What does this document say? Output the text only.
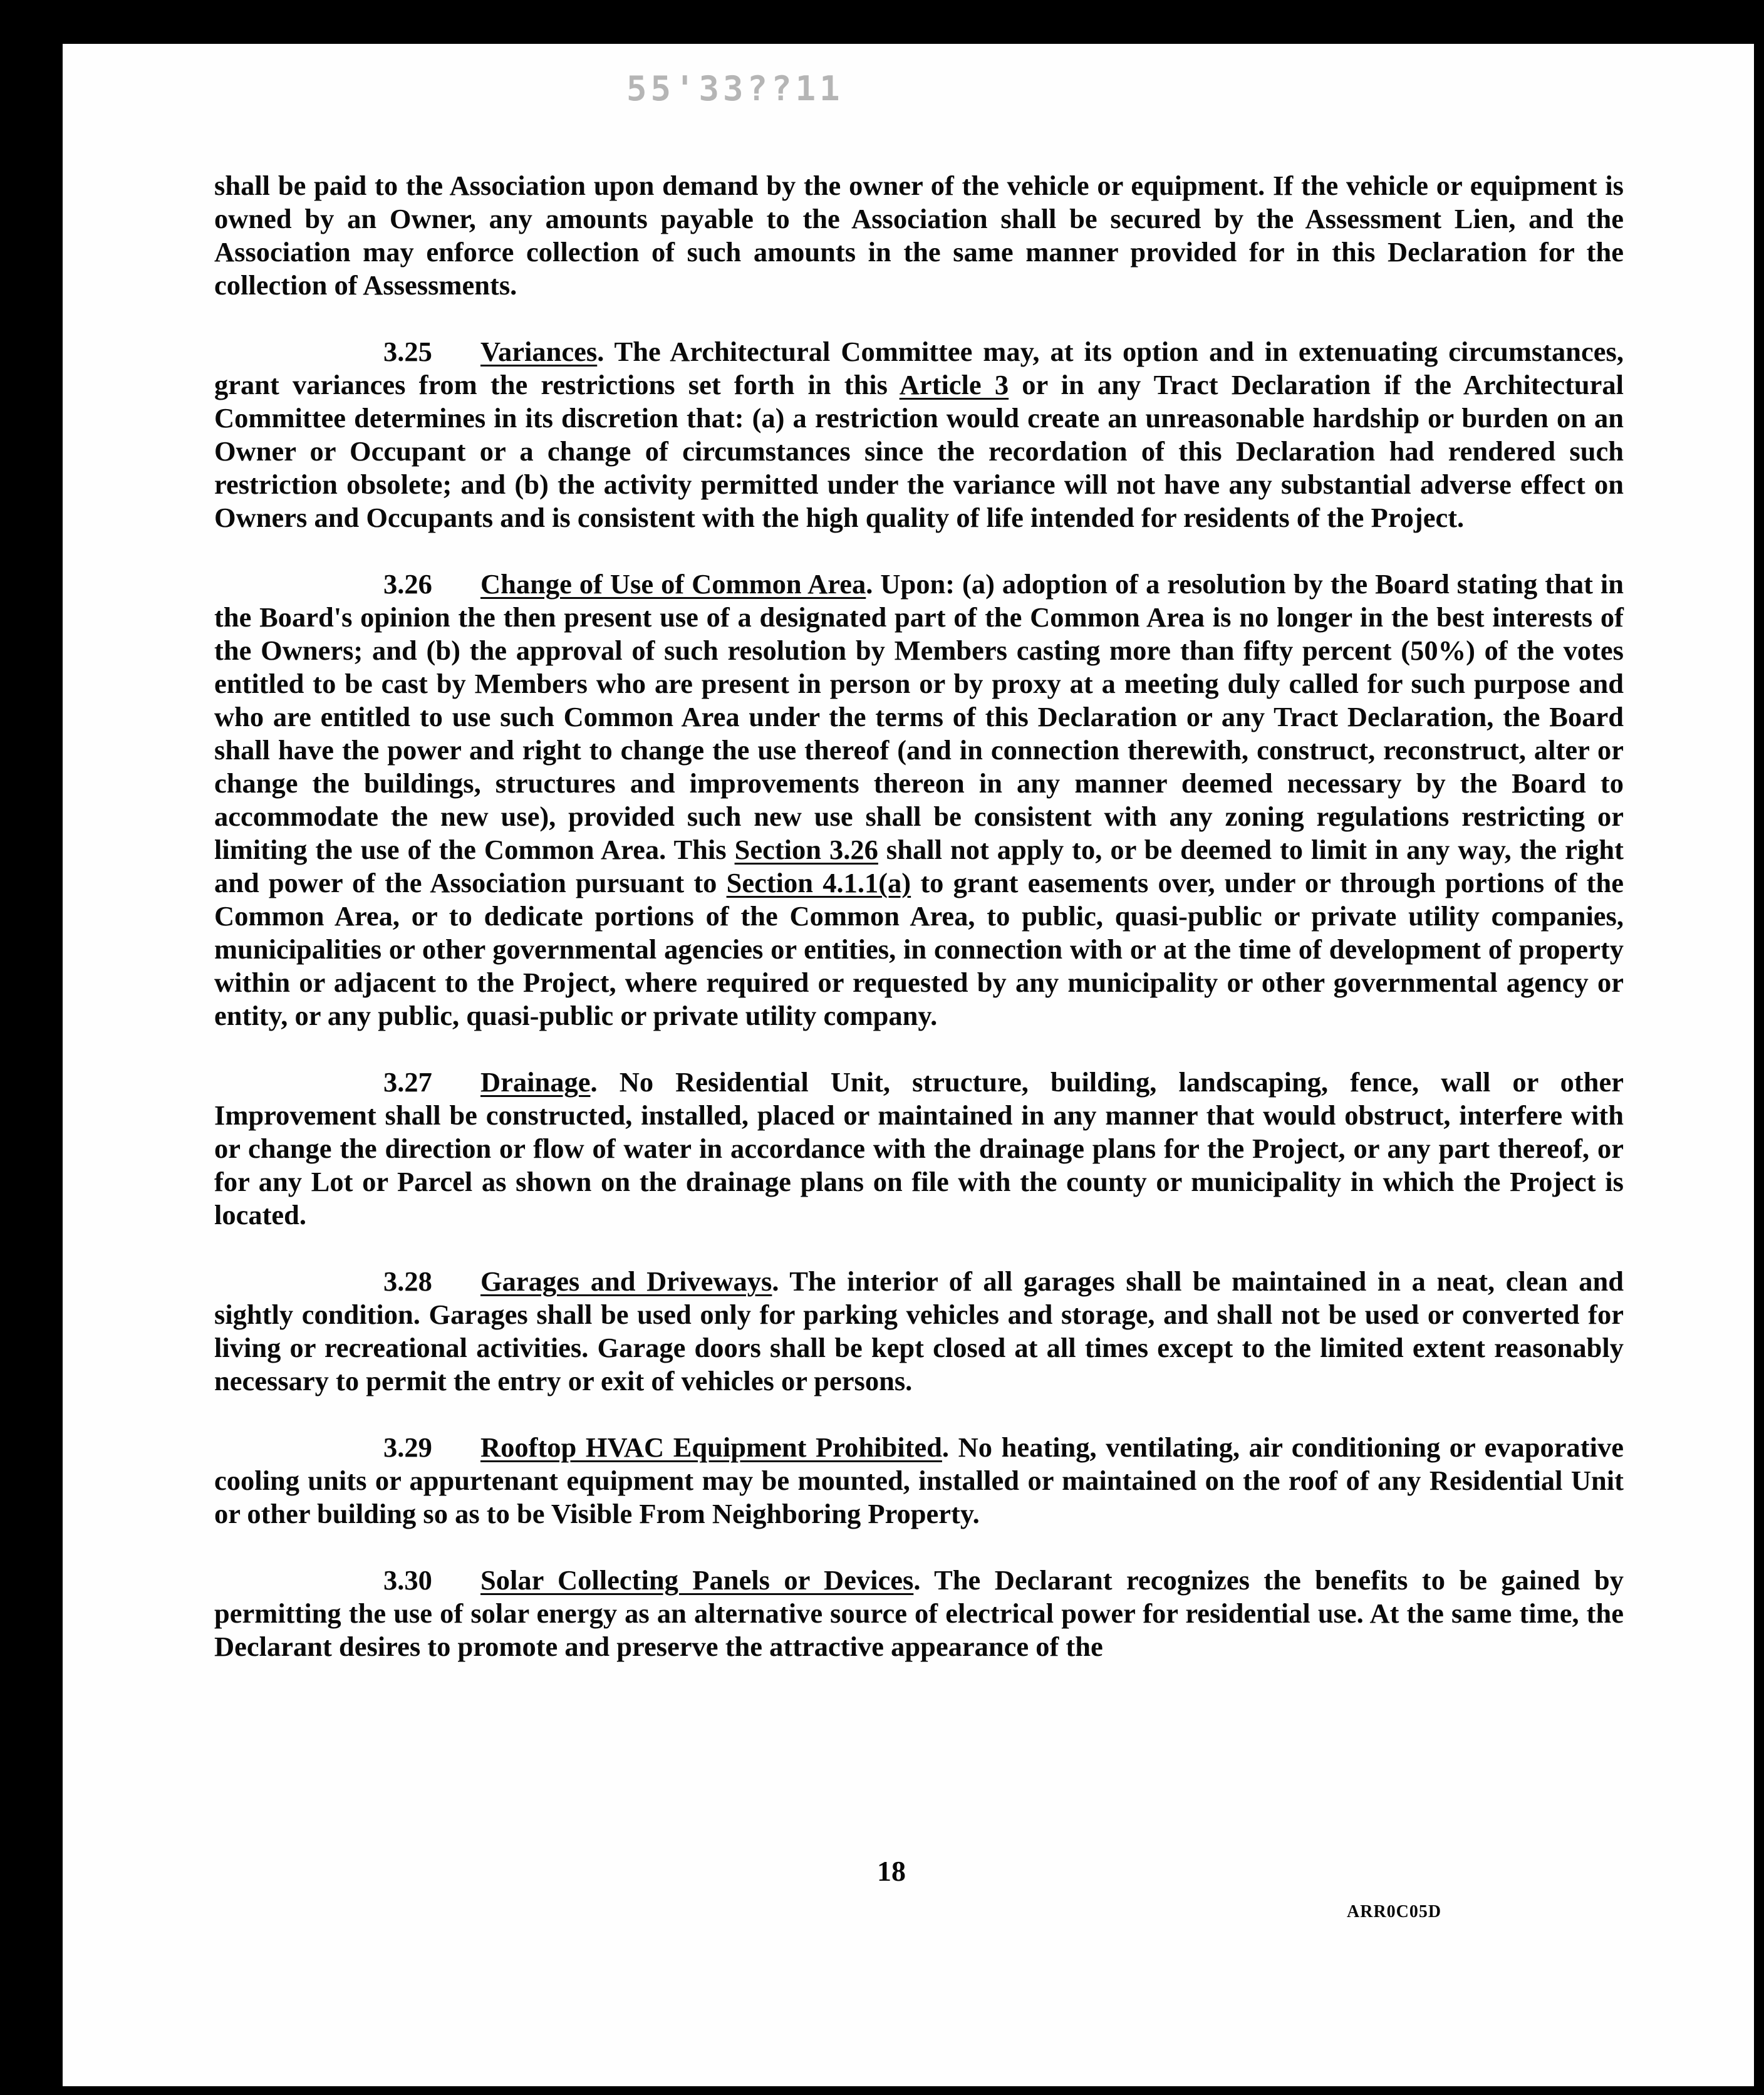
55'33??11

shall be paid to the Association upon demand by the owner of the vehicle or equipment. If the vehicle or equipment is owned by an Owner, any amounts payable to the Association shall be secured by the Assessment Lien, and the Association may enforce collection of such amounts in the same manner provided for in this Declaration for the collection of Assessments.

3.25 Variances. The Architectural Committee may, at its option and in extenuating circumstances, grant variances from the restrictions set forth in this Article 3 or in any Tract Declaration if the Architectural Committee determines in its discretion that: (a) a restriction would create an unreasonable hardship or burden on an Owner or Occupant or a change of circumstances since the recordation of this Declaration had rendered such restriction obsolete; and (b) the activity permitted under the variance will not have any substantial adverse effect on Owners and Occupants and is consistent with the high quality of life intended for residents of the Project.

3.26 Change of Use of Common Area. Upon: (a) adoption of a resolution by the Board stating that in the Board's opinion the then present use of a designated part of the Common Area is no longer in the best interests of the Owners; and (b) the approval of such resolution by Members casting more than fifty percent (50%) of the votes entitled to be cast by Members who are present in person or by proxy at a meeting duly called for such purpose and who are entitled to use such Common Area under the terms of this Declaration or any Tract Declaration, the Board shall have the power and right to change the use thereof (and in connection therewith, construct, reconstruct, alter or change the buildings, structures and improvements thereon in any manner deemed necessary by the Board to accommodate the new use), provided such new use shall be consistent with any zoning regulations restricting or limiting the use of the Common Area. This Section 3.26 shall not apply to, or be deemed to limit in any way, the right and power of the Association pursuant to Section 4.1.1(a) to grant easements over, under or through portions of the Common Area, or to dedicate portions of the Common Area, to public, quasi-public or private utility companies, municipalities or other governmental agencies or entities, in connection with or at the time of development of property within or adjacent to the Project, where required or requested by any municipality or other governmental agency or entity, or any public, quasi-public or private utility company.

3.27 Drainage. No Residential Unit, structure, building, landscaping, fence, wall or other Improvement shall be constructed, installed, placed or maintained in any manner that would obstruct, interfere with or change the direction or flow of water in accordance with the drainage plans for the Project, or any part thereof, or for any Lot or Parcel as shown on the drainage plans on file with the county or municipality in which the Project is located.

3.28 Garages and Driveways. The interior of all garages shall be maintained in a neat, clean and sightly condition. Garages shall be used only for parking vehicles and storage, and shall not be used or converted for living or recreational activities. Garage doors shall be kept closed at all times except to the limited extent reasonably necessary to permit the entry or exit of vehicles or persons.

3.29 Rooftop HVAC Equipment Prohibited. No heating, ventilating, air conditioning or evaporative cooling units or appurtenant equipment may be mounted, installed or maintained on the roof of any Residential Unit or other building so as to be Visible From Neighboring Property.

3.30 Solar Collecting Panels or Devices. The Declarant recognizes the benefits to be gained by permitting the use of solar energy as an alternative source of electrical power for residential use. At the same time, the Declarant desires to promote and preserve the attractive appearance of the

18
ARR0C05D
